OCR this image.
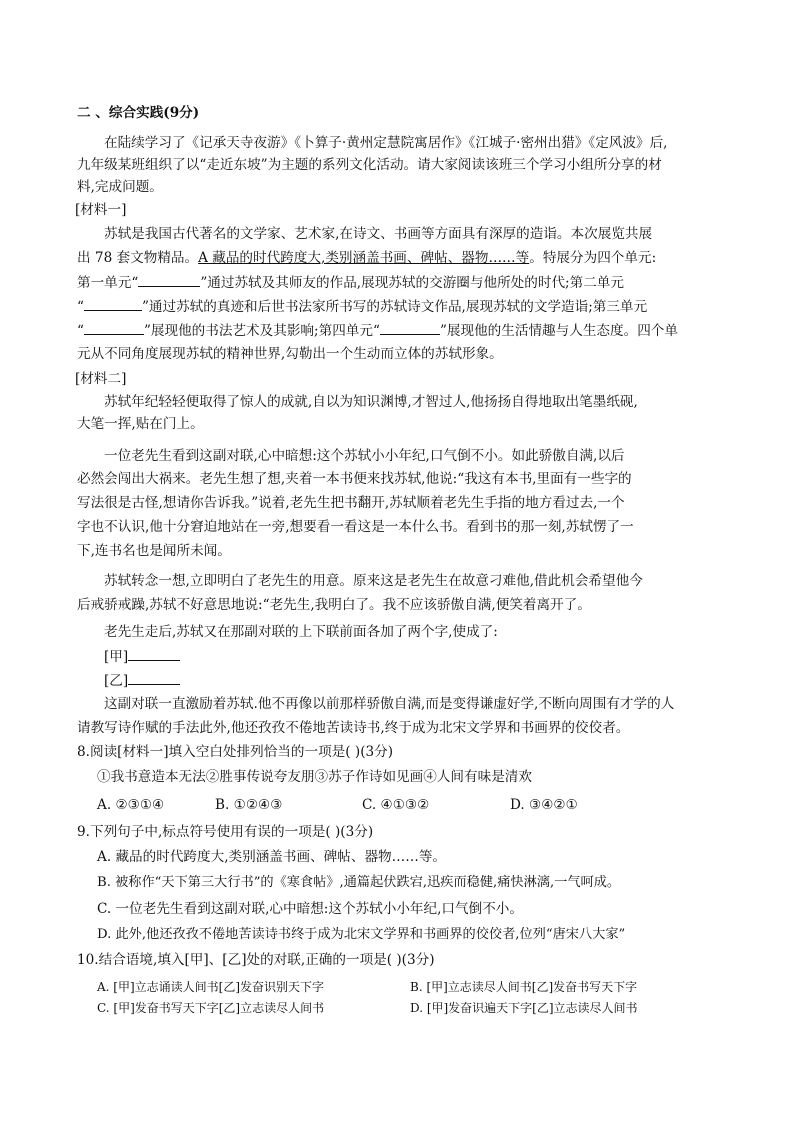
二 、综合实践(9分)
在陆续学习了《记承天寺夜游》《卜算子·黄州定慧院寓居作》《江城子·密州出猎》《定风波》后,
九年级某班组织了以“走近东坡”为主题的系列文化活动。请大家阅读该班三个学习小组所分享的材
料,完成问题。
[材料一]
苏轼是我国古代著名的文学家、艺术家,在诗文、书画等方面具有深厚的造诣。本次展览共展
出 78 套文物精品。A 藏品的时代跨度大,类别涵盖书画、碑帖、器物……等。特展分为四个单元:
第一单元“	”通过苏轼及其师友的作品,展现苏轼的交游圈与他所处的时代;第二单元
“	”通过苏轼的真迹和后世书法家所书写的苏轼诗文作品,展现苏轼的文学造诣;第三单元
“	”展现他的书法艺术及其影响;第四单元“	”展现他的生活情趣与人生态度。四个单
元从不同角度展现苏轼的精神世界,勾勒出一个生动而立体的苏轼形象。
[材料二]
苏轼年纪轻轻便取得了惊人的成就,自以为知识渊博,才智过人,他扬扬自得地取出笔墨纸砚,
大笔一挥,贴在门上。
一位老先生看到这副对联,心中暗想:这个苏轼小小年纪,口气倒不小。如此骄傲自满,以后
必然会闯出大祸来。老先生想了想,夹着一本书便来找苏轼,他说:“我这有本书,里面有一些字的
写法很是古怪,想请你告诉我。”说着,老先生把书翻开,苏轼顺着老先生手指的地方看过去,一个
字也不认识,他十分窘迫地站在一旁,想要看一看这是一本什么书。看到书的那一刻,苏轼愣了一
下,连书名也是闻所未闻。
苏轼转念一想,立即明白了老先生的用意。原来这是老先生在故意刁难他,借此机会希望他今
后戒骄戒躁,苏轼不好意思地说:“老先生,我明白了。我不应该骄傲自满,便笑着离开了。
老先生走后,苏轼又在那副对联的上下联前面各加了两个字,使成了:
[甲]
[乙]
这副对联一直激励着苏轼.他不再像以前那样骄傲自满,而是变得谦虚好学,不断向周围有才学的人
请教写诗作赋的手法此外,他还孜孜不倦地苦读诗书,终于成为北宋文学界和书画界的佼佼者。
8.阅读[材料一]填入空白处排列恰当的一项是( )(3分)
①我书意造本无法②胜事传说夸友朋③苏子作诗如见画④人间有味是清欢
A. ②③①④	B. ①②④③	C. ④①③②	D. ③④②①
9.下列句子中,标点符号使用有误的一项是( )(3分)
A. 藏品的时代跨度大,类别涵盖书画、碑帖、器物……等。
B. 被称作“天下第三大行书”的《寒食帖》,通篇起伏跌宕,迅疾而稳健,痛快淋漓,一气呵成。
C. 一位老先生看到这副对联,心中暗想:这个苏轼小小年纪,口气倒不小。
D. 此外,他还孜孜不倦地苦读诗书终于成为北宋文学界和书画界的佼佼者,位列“唐宋八大家”
10.结合语境,填入[甲]、[乙]处的对联,正确的一项是( )(3分)
A. [甲]立志诵读人间书[乙]发奋识别天下字	B. [甲]立志读尽人间书[乙]发奋书写天下字
C. [甲]发奋书写天下字[乙]立志读尽人间书	D. [甲]发奋识遍天下字[乙]立志读尽人间书
